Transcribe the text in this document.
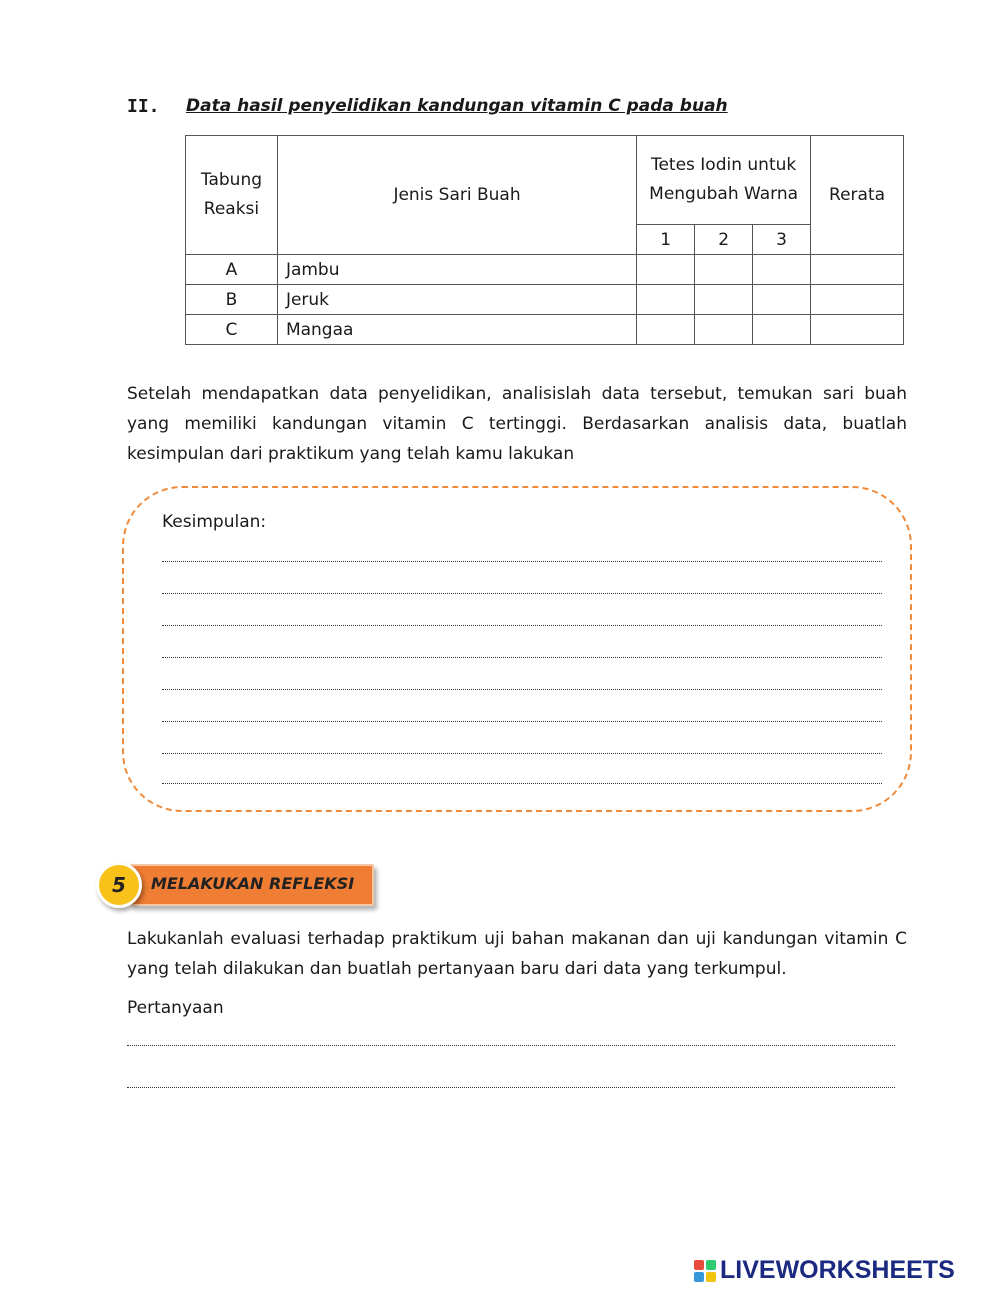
II. Data hasil penyelidikan kandungan vitamin C pada buah
Tabung Reaksi	Jenis Sari Buah	Tetes Iodin untuk Mengubah Warna			Rerata
		1	2	3	
A	Jambu				
B	Jeruk				
C	Mangaa				
Setelah mendapatkan data penyelidikan, analisislah data tersebut, temukan sari buah yang memiliki kandungan vitamin C tertinggi. Berdasarkan analisis data, buatlah kesimpulan dari praktikum yang telah kamu lakukan
Kesimpulan:
MELAKUKAN REFLEKSI
5
Lakukanlah evaluasi terhadap praktikum uji bahan makanan dan uji kandungan vitamin C yang telah dilakukan dan buatlah pertanyaan baru dari data yang terkumpul.
Pertanyaan
LIVEWORKSHEETS
